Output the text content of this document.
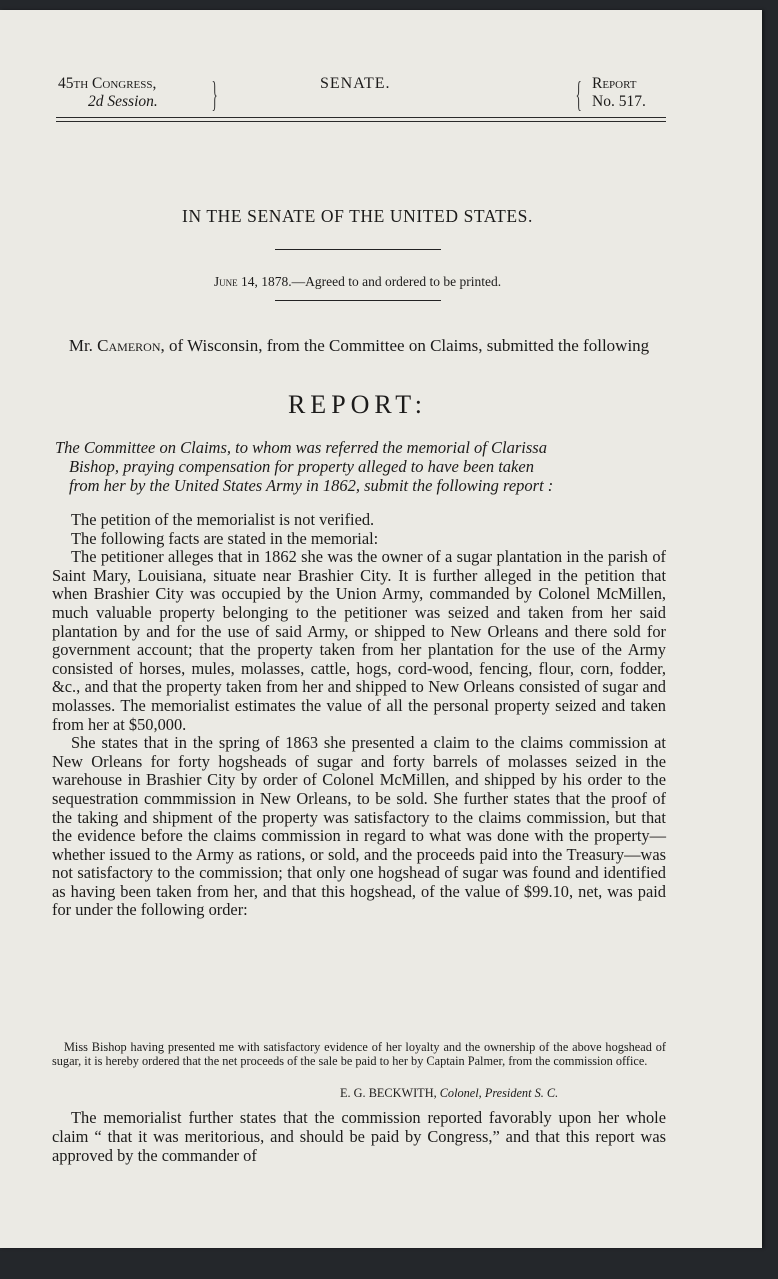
45th Congress,
2d Session. }	SENATE.	{ Report
No. 517.
IN THE SENATE OF THE UNITED STATES.
June 14, 1878.—Agreed to and ordered to be printed.
Mr. Cameron, of Wisconsin, from the Committee on Claims, submitted the following
REPORT:

The Committee on Claims, to whom was referred the memorial of Clarissa

Bishop, praying compensation for property alleged to have been taken

from her by the United States Army in 1862, submit the following report :

The petition of the memorialist is not verified.

The following facts are stated in the memorial:

The petitioner alleges that in 1862 she was the owner of a sugar plantation in the parish of Saint Mary, Louisiana, situate near Brashier City. It is further alleged in the petition that when Brashier City was occupied by the Union Army, commanded by Colonel McMillen, much valuable property belonging to the petitioner was seized and taken from her said plantation by and for the use of said Army, or shipped to New Orleans and there sold for government account; that the property taken from her plantation for the use of the Army consisted of horses, mules, molasses, cattle, hogs, cord-wood, fencing, flour, corn, fodder, &c., and that the property taken from her and shipped to New Orleans consisted of sugar and molasses. The memorialist estimates the value of all the personal property seized and taken from her at $50,000.

She states that in the spring of 1863 she presented a claim to the claims commission at New Orleans for forty hogsheads of sugar and forty barrels of molasses seized in the warehouse in Brashier City by order of Colonel McMillen, and shipped by his order to the sequestration commmission in New Orleans, to be sold. She further states that the proof of the taking and shipment of the property was satisfactory to the claims commission, but that the evidence before the claims commission in regard to what was done with the property—whether issued to the Army as rations, or sold, and the proceeds paid into the Treasury—was not satisfactory to the commission; that only one hogshead of sugar was found and identified as having been taken from her, and that this hogshead, of the value of $99.10, net, was paid for under the following order:

Miss Bishop having presented me with satisfactory evidence of her loyalty and the ownership of the above hogshead of sugar, it is hereby ordered that the net proceeds of the sale be paid to her by Captain Palmer, from the commission office.

E. G. BECKWITH, Colonel, President S. C.

The memorialist further states that the commission reported favorably upon her whole claim “ that it was meritorious, and should be paid by Congress,” and that this report was approved by the commander of
